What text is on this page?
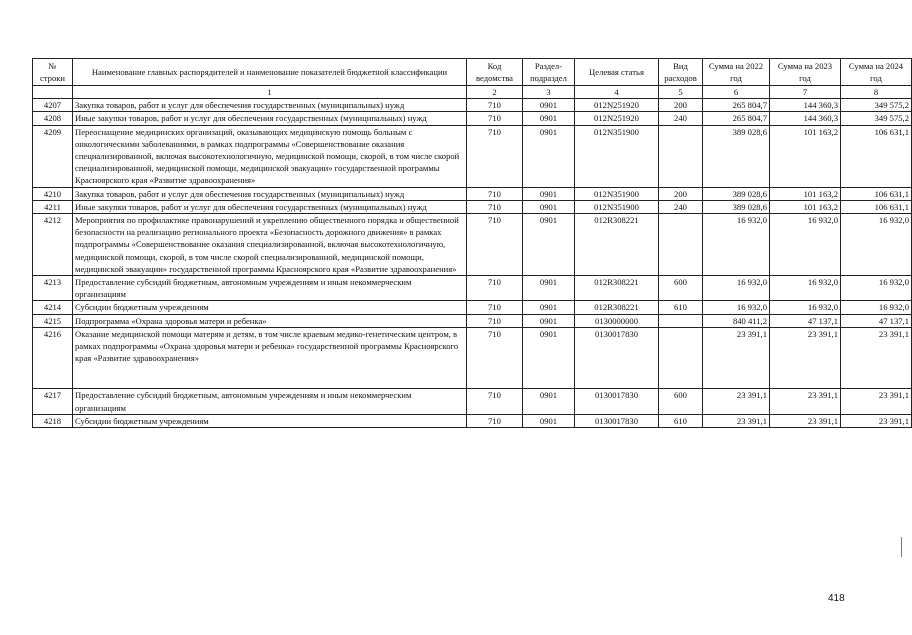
№ строки	Наименование главных распорядителей и наименование показателей бюджетной классификации	Код ведомства	Раздел-подраздел	Целевая статья	Вид расходов	Сумма на 2022 год	Сумма на 2023 год	Сумма на 2024 год
	1	2	3	4	5	6	7	8
4207	Закупка товаров, работ и услуг для обеспечения государственных (муниципальных) нужд	710	0901	012N251920	200	265 804,7	144 360,3	349 575,2
4208	Иные закупки товаров, работ и услуг для обеспечения государственных (муниципальных) нужд	710	0901	012N251920	240	265 804,7	144 360,3	349 575,2
4209	Переоснащение медицинских организаций, оказывающих медицинскую помощь больным с онкологическими заболеваниями, в рамках подпрограммы «Совершенствование оказания специализированной, включая высокотехнологичную, медицинской помощи, скорой, в том числе скорой специализированной, медицинской помощи, медицинской эвакуации» государственной программы Красноярского края «Развитие здравоохранения»	710	0901	012N351900		389 028,6	101 163,2	106 631,1
4210	Закупка товаров, работ и услуг для обеспечения государственных (муниципальных) нужд	710	0901	012N351900	200	389 028,6	101 163,2	106 631,1
4211	Иные закупки товаров, работ и услуг для обеспечения государственных (муниципальных) нужд	710	0901	012N351900	240	389 028,6	101 163,2	106 631,1
4212	Мероприятия по профилактике правонарушений и укреплению общественного порядка и общественной безопасности на реализацию регионального проекта «Безопасность дорожного движения» в рамках подпрограммы «Совершенствование оказания специализированной, включая высокотехнологичную, медицинской помощи, скорой, в том числе скорой специализированной, медицинской помощи, медицинской эвакуации» государственной программы Красноярского края «Развитие здравоохранения»	710	0901	012R308221		16 932,0	16 932,0	16 932,0
4213	Предоставление субсидий бюджетным, автономным учреждениям и иным некоммерческим организациям	710	0901	012R308221	600	16 932,0	16 932,0	16 932,0
4214	Субсидии бюджетным учреждениям	710	0901	012R308221	610	16 932,0	16 932,0	16 932,0
4215	Подпрограмма «Охрана здоровья матери и ребенка»	710	0901	0130000000		840 411,2	47 137,1	47 137,1
4216	Оказание медицинской помощи матерям и детям, в том числе краевым медико-генетическим центром, в рамках подпрограммы «Охрана здоровья матери и ребенка» государственной программы Красноярского края «Развитие здравоохранения»	710	0901	0130017830		23 391,1	23 391,1	23 391,1
4217	Предоставление субсидий бюджетным, автономным учреждениям и иным некоммерческим организациям	710	0901	0130017830	600	23 391,1	23 391,1	23 391,1
4218	Субсидии бюджетным учреждениям	710	0901	0130017830	610	23 391,1	23 391,1	23 391,1
418
